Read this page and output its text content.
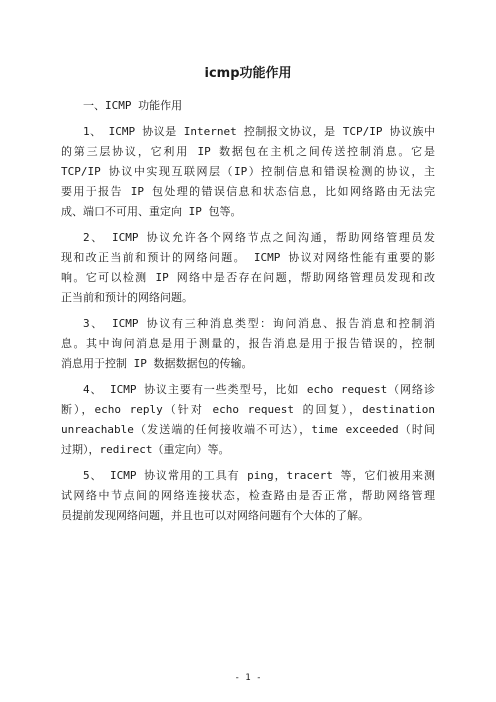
icmp功能作用
一、ICMP 功能作用
1、 ICMP 协议是 Internet 控制报文协议，是 TCP/IP 协议族中
的第三层协议，它利用 IP 数据包在主机之间传送控制消息。它是
TCP/IP 协议中实现互联网层（IP）控制信息和错误检测的协议，主
要用于报告 IP 包处理的错误信息和状态信息，比如网络路由无法完
成、端口不可用、重定向 IP 包等。
2、 ICMP 协议允许各个网络节点之间沟通，帮助网络管理员发
现和改正当前和预计的网络问题。 ICMP 协议对网络性能有重要的影
响。它可以检测 IP 网络中是否存在问题，帮助网络管理员发现和改
正当前和预计的网络问题。
3、 ICMP 协议有三种消息类型：询问消息、报告消息和控制消
息。其中询问消息是用于测量的，报告消息是用于报告错误的，控制
消息用于控制 IP 数据数据包的传输。
4、 ICMP 协议主要有一些类型号，比如 echo request（网络诊
断），echo reply（针对 echo request 的回复），destination
unreachable（发送端的任何接收端不可达），time exceeded（时间
过期），redirect（重定向）等。
5、 ICMP 协议常用的工具有 ping，tracert 等，它们被用来测
试网络中节点间的网络连接状态，检查路由是否正常，帮助网络管理
员提前发现网络问题，并且也可以对网络问题有个大体的了解。
- 1 -
